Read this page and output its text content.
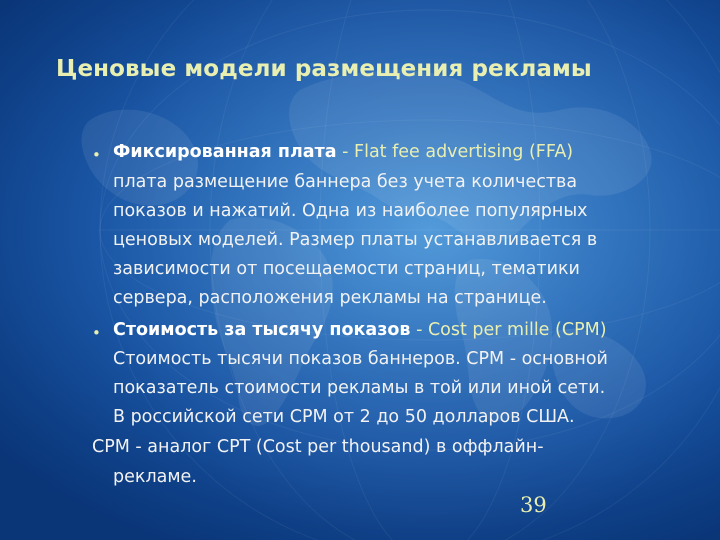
Ценовые модели размещения рекламы
• Фиксированная плата - Flat fee advertising (FFA)
плата размещение баннера без учета количества
показов и нажатий. Одна из наиболее популярных
ценовых моделей. Размер платы устанавливается в
зависимости от посещаемости страниц, тематики
сервера, расположения рекламы на странице.
• Стоимость за тысячу показов - Cost per mille (CPM)
Стоимость тысячи показов баннеров. CPM - основной
показатель стоимости рекламы в той или иной сети.
В российской сети CPM от 2 до 50 долларов США.
CPM - аналог CPT (Cost per thousand) в оффлайн-
рекламе.
39
